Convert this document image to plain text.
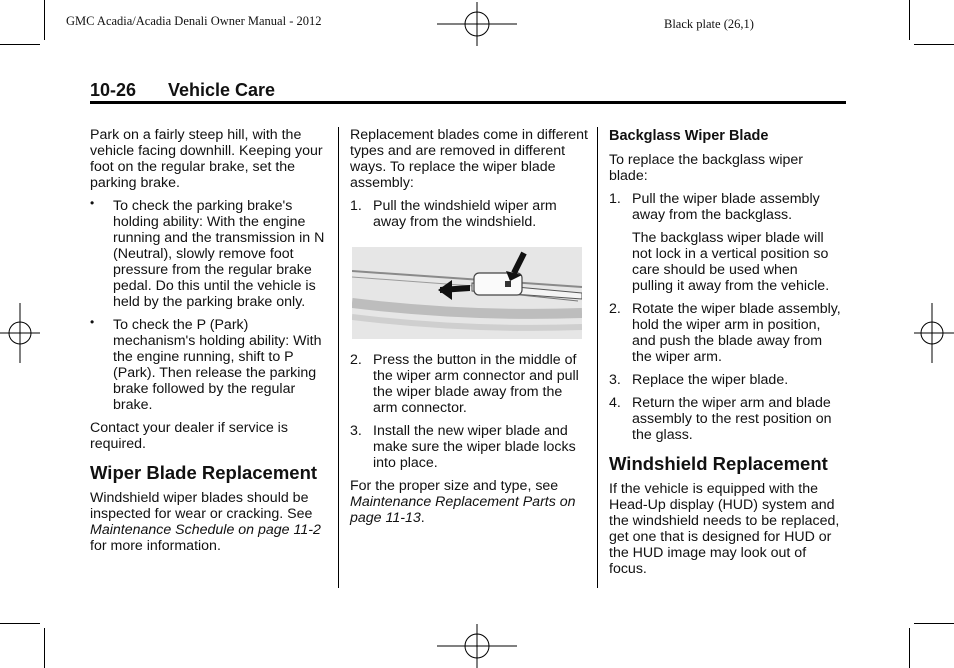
GMC Acadia/Acadia Denali Owner Manual - 2012	Black plate (26,1)
10-26 Vehicle Care

Park on a fairly steep hill, with the vehicle facing downhill. Keeping your foot on the regular brake, set the parking brake.

• To check the parking brake's holding ability: With the engine running and the transmission in N (Neutral), slowly remove foot pressure from the regular brake pedal. Do this until the vehicle is held by the parking brake only.
• To check the P (Park) mechanism's holding ability: With the engine running, shift to P (Park). Then release the parking brake followed by the regular brake.

Contact your dealer if service is required.

Wiper Blade Replacement

Windshield wiper blades should be inspected for wear or cracking. See Maintenance Schedule on page 11-2 for more information.

Replacement blades come in different types and are removed in different ways. To replace the wiper blade assembly:

1. Pull the windshield wiper arm away from the windshield.
2. Press the button in the middle of the wiper arm connector and pull the wiper blade away from the arm connector.
3. Install the new wiper blade and make sure the wiper blade locks into place.

For the proper size and type, see Maintenance Replacement Parts on page 11-13.

Backglass Wiper Blade

To replace the backglass wiper blade:

1. Pull the wiper blade assembly away from the backglass.
The backglass wiper blade will not lock in a vertical position so care should be used when pulling it away from the vehicle.
2. Rotate the wiper blade assembly, hold the wiper arm in position, and push the blade away from the wiper arm.
3. Replace the wiper blade.
4. Return the wiper arm and blade assembly to the rest position on the glass.
Windshield Replacement

If the vehicle is equipped with the Head-Up display (HUD) system and the windshield needs to be replaced, get one that is designed for HUD or the HUD image may look out of focus.
